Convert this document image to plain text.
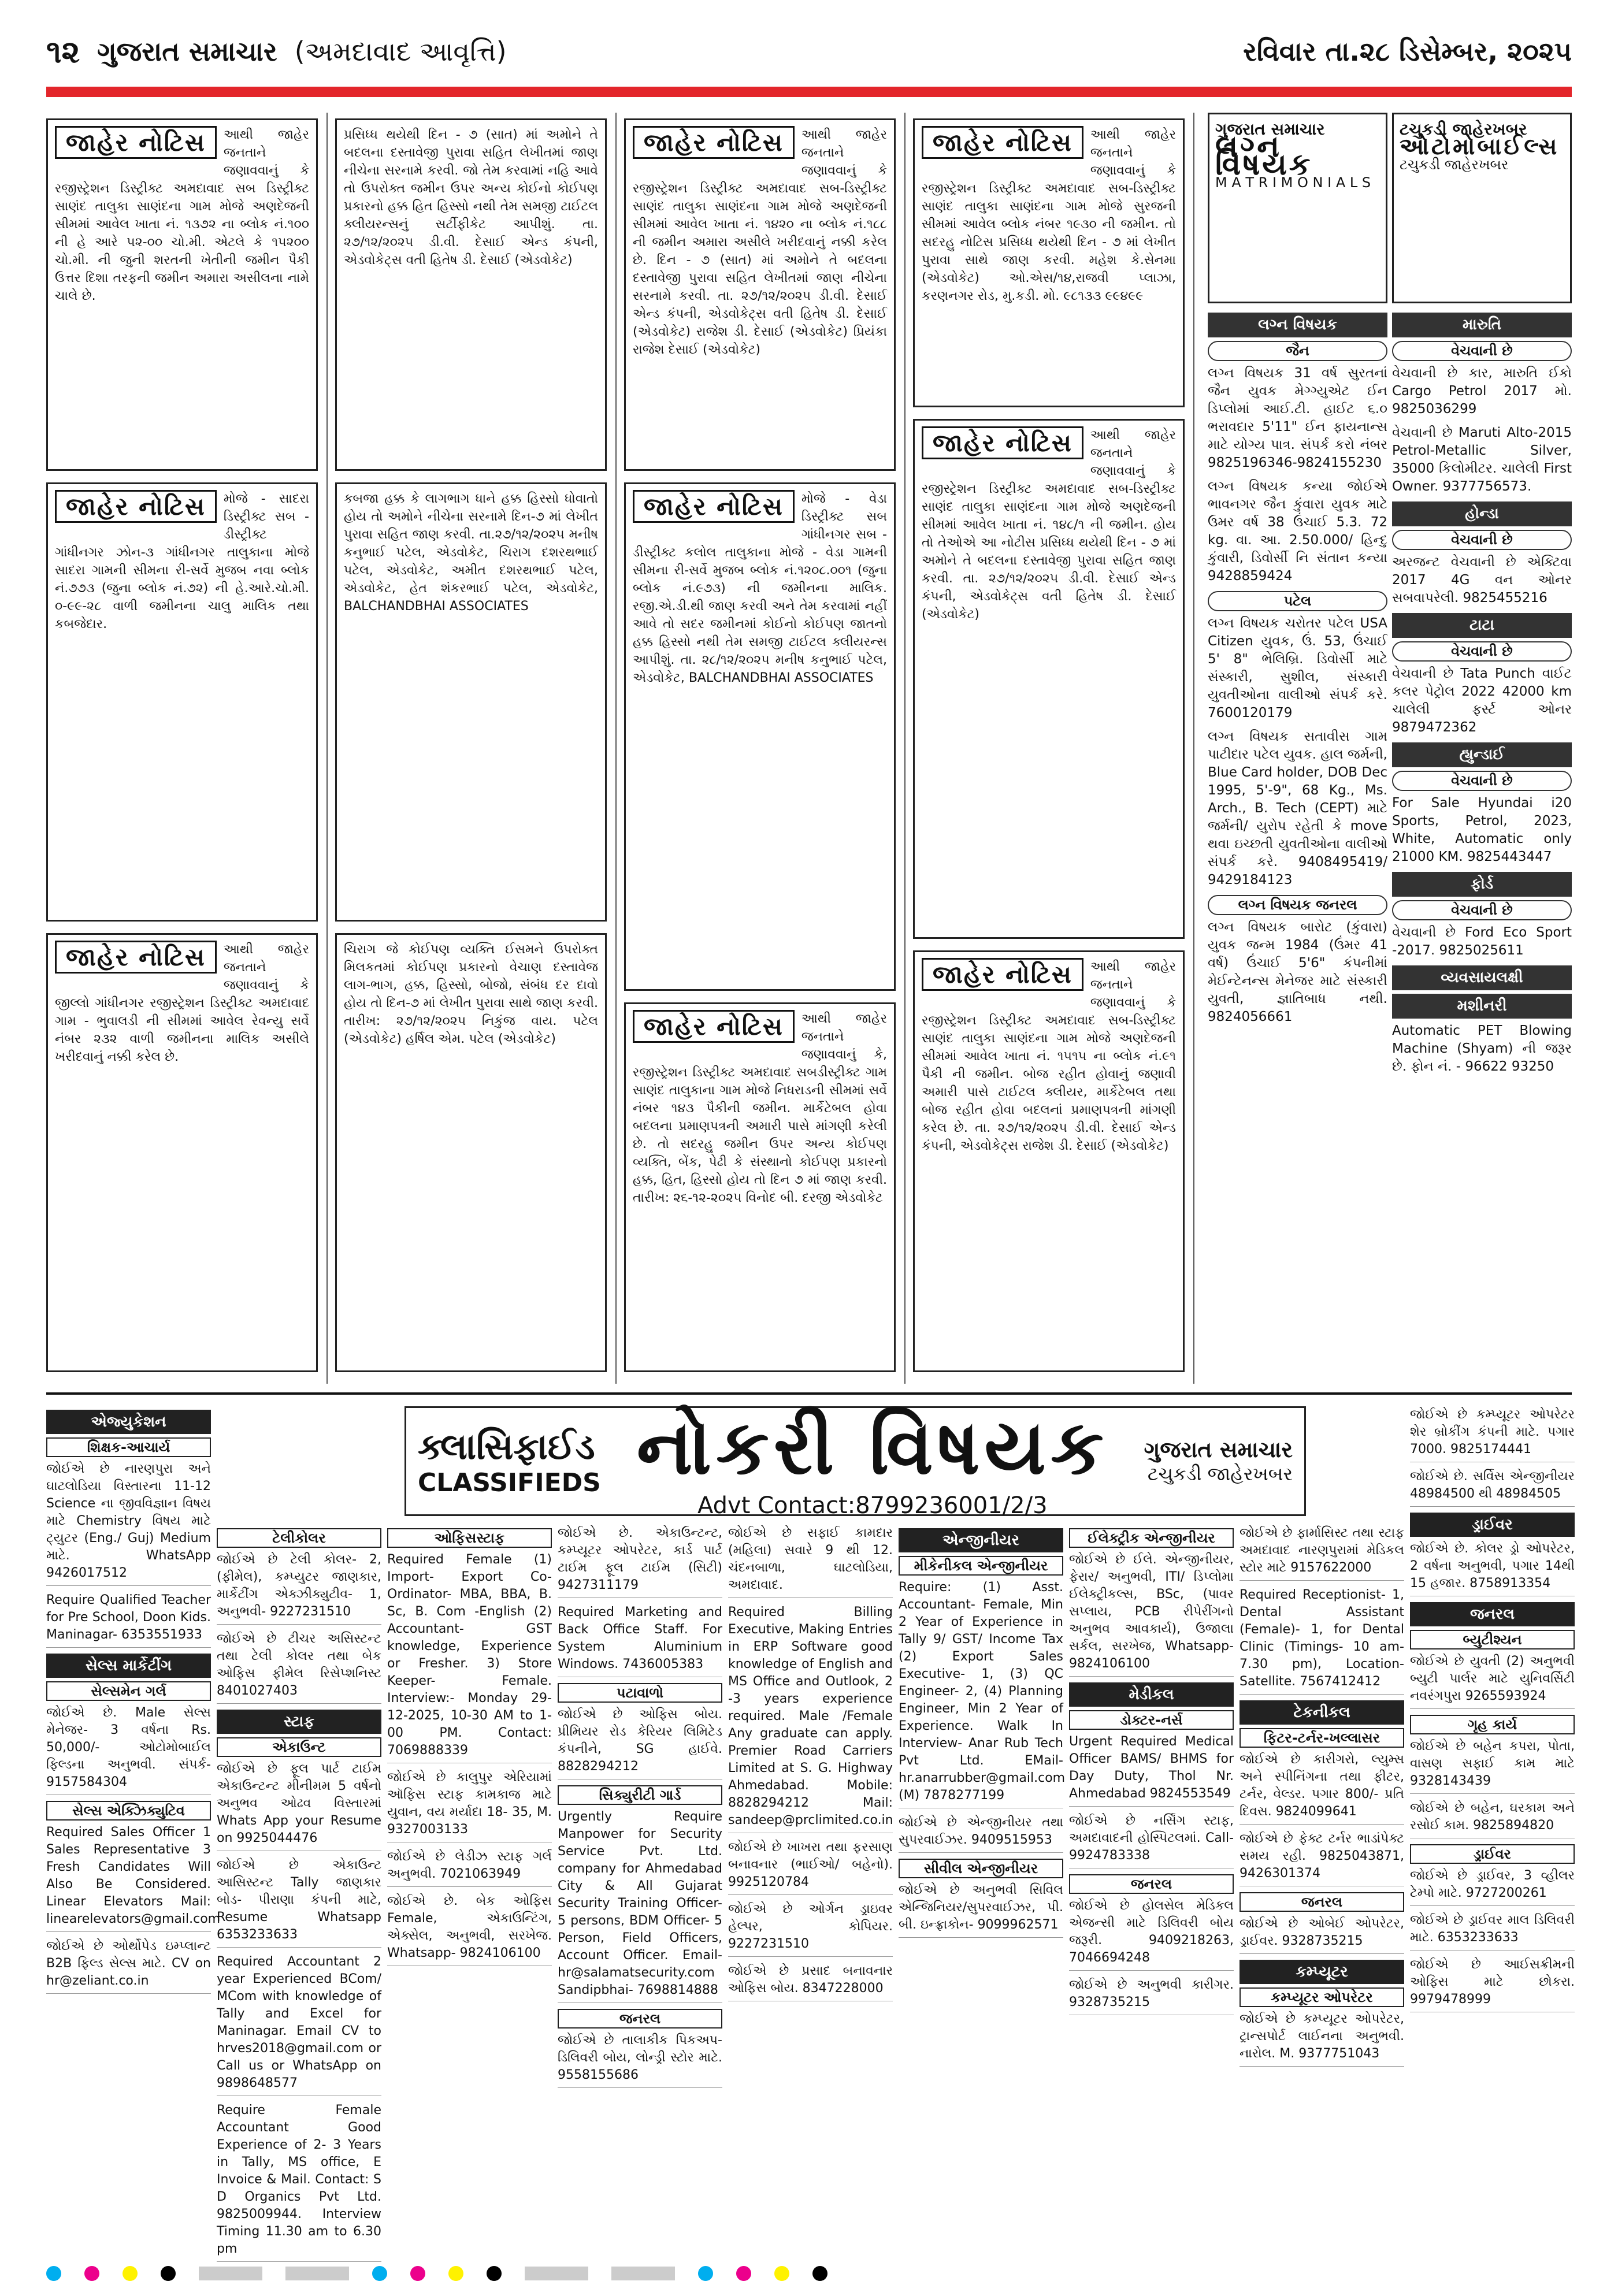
૧૨ ગુજરાત સમાચાર (અમદાવાદ આવૃત્તિ)	રવિવાર તા.૨૮ ડિસેમ્બર, ૨૦૨૫
જાહેર નોટિસ	આથી જાહેર જનતાને જણાવવાનું કે રજીસ્ટ્રેશન ડિસ્ટ્રીક્ટ અમદાવાદ સબ ડિસ્ટ્રીક્ટ સાણંદ તાલુકા સાણંદના ગામ મોજે અણદેજની સીમમાં આવેલ ખાતા નં. ૧૩૭૨ ના બ્લોક નં.૧૦૦ ની હે આરે ૫૨-૦૦ ચો.મી. એટલે કે ૧૫૨૦૦ ચો.મી. ની જુની શરતની ખેતીની જમીન પૈકી ઉત્તર દિશા તરફની જમીન અમારા અસીલના નામે ચાલે છે.
જાહેર નોટિસ	મોજે - સાદરા ડિસ્ટ્રીક્ટ સબ - ડીસ્ટ્રીક્ટ ગાંધીનગર ઝોન-૩ ગાંધીનગર તાલુકાના મોજે સાદરા ગામની સીમના રી-સર્વે મુજબ નવા બ્લોક નં.૭૭૩ (જુના બ્લોક નં.૭૨) ની હે.આરે.ચો.મી. ૦-૯૯-૨૮ વાળી જમીનના ચાલુ માલિક તથા કબજેદાર.
જાહેર નોટિસ	આથી જાહેર જનતાને જણાવવાનું કે જીલ્લો ગાંધીનગર રજીસ્ટ્રેશન ડિસ્ટ્રીક્ટ અમદાવાદ ગામ - ભુવાલડી ની સીમમાં આવેલ રેવન્યુ સર્વે નંબર ૨૩૨ વાળી જમીનના માલિક અસીલે ખરીદવાનું નક્કી કરેલ છે.
પ્રસિધ્ધ થયેથી દિન - ૭ (સાત) માં અમોને તે બદલના દસ્તાવેજી પુરાવા સહિત લેખીતમાં જાણ નીચેના સરનામે કરવી. જો તેમ કરવામાં નહિ આવે તો ઉપરોક્ત જમીન ઉપર અન્ય કોઈનો કોઈપણ પ્રકારનો હક્ક હિત હિસ્સો નથી તેમ સમજી ટાઈટલ ક્લીયરન્સનું સર્ટીફીકેટ આપીશું. તા. ૨૭/૧૨/૨૦૨૫ ડી.વી. દેસાઈ એન્ડ કંપની, એડવોકેટ્સ વતી હિતેષ ડી. દેસાઈ (એડવોકેટ)
કબજા હક્ક કે લાગભાગ ધાને હક્ક હિસ્સો ધોવાતો હોય તો અમોને નીચેના સરનામે દિન-૭ માં લેખીત પુરાવા સહિત જાણ કરવી. તા.૨૭/૧૨/૨૦૨૫ મનીષ કનુભાઈ પટેલ, એડવોકેટ, ચિરાગ દશરથભાઈ પટેલ, એડવોકેટ, અમીત દશરથભાઈ પટેલ, એડવોકેટ, હેત શંકરભાઈ પટેલ, એડવોકેટ, BALCHANDBHAI ASSOCIATES
ચિરાગ જે કોઈપણ વ્યક્તિ ઈસમને ઉપરોક્ત મિલકતમાં કોઈપણ પ્રકારનો વેચાણ દસ્તાવેજ લાગ-ભાગ, હક્ક, હિસ્સો, બોજો, સંબંધ દર દાવો હોય તો દિન-૭ માં લેખીત પુરાવા સાથે જાણ કરવી. તારીખ: ૨૭/૧૨/૨૦૨૫ નિકુંજ વાય. પટેલ (એડવોકેટ) હર્ષિલ એમ. પટેલ (એડવોકેટ)
જાહેર નોટિસ	આથી જાહેર જનતાને જણાવવાનું કે રજીસ્ટ્રેશન ડિસ્ટ્રીક્ટ અમદાવાદ સબ-ડિસ્ટ્રીક્ટ સાણંદ તાલુકા સાણંદના ગામ મોજે અણદેજની સીમમાં આવેલ ખાતા નં. ૧૪૨૦ ના બ્લોક નં.૧૮૮ ની જમીન અમારા અસીલે ખરીદવાનું નક્કી કરેલ છે. દિન - ૭ (સાત) માં અમોને તે બદલના દસ્તાવેજી પુરાવા સહિત લેખીતમાં જાણ નીચેના સરનામે કરવી. તા. ૨૭/૧૨/૨૦૨૫ ડી.વી. દેસાઈ એન્ડ કંપની, એડવોકેટ્સ વતી હિતેષ ડી. દેસાઈ (એડવોકેટ) રાજેશ ડી. દેસાઈ (એડવોકેટ) પ્રિયંકા રાજેશ દેસાઈ (એડવોકેટ)
જાહેર નોટિસ	મોજે - વેડા ડિસ્ટ્રીક્ટ સબ ગાંધીનગર સબ - ડીસ્ટ્રીક્ટ કલોલ તાલુકાના મોજે - વેડા ગામની સીમના રી-સર્વે મુજબ બ્લોક નં.૧૨૦૮.૦૦૧ (જુના બ્લોક નં.૯૭૩) ની જમીનના માલિક. રજી.એ.ડી.થી જાણ કરવી અને તેમ કરવામાં નહીં આવે તો સદર જમીનમાં કોઈનો કોઈપણ જાતનો હક્ક હિસ્સો નથી તેમ સમજી ટાઈટલ ક્લીયરન્સ આપીશું. તા. ૨૮/૧૨/૨૦૨૫ મનીષ કનુભાઈ પટેલ, એડવોકેટ, BALCHANDBHAI ASSOCIATES
જાહેર નોટિસ	આથી જાહેર જનતાને જણાવવાનું કે, રજીસ્ટ્રેશન ડિસ્ટ્રીક્ટ અમદાવાદ સબડીસ્ટ્રીક્ટ ગામ સાણંદ તાલુકાના ગામ મોજે નિધરાડની સીમમાં સર્વે નંબર ૧૪૩ પૈકીની જમીન. માર્કેટેબલ હોવા બદલના પ્રમાણપત્રની અમારી પાસે માંગણી કરેલી છે. તો સદરહુ જમીન ઉપર અન્ય કોઈપણ વ્યક્તિ, બેંક, પેઢી કે સંસ્થાનો કોઈપણ પ્રકારનો હક્ક, હિત, હિસ્સો હોય તો દિન ૭ માં જાણ કરવી. તારીખ: ૨૬-૧૨-૨૦૨૫ વિનોદ બી. દરજી એડવોકેટ
જાહેર નોટિસ	આથી જાહેર જનતાને જણાવવાનું કે રજીસ્ટ્રેશન ડિસ્ટ્રીક્ટ અમદાવાદ સબ-ડિસ્ટ્રીક્ટ સાણંદ તાલુકા સાણંદના ગામ મોજે સુરજની સીમમાં આવેલ બ્લોક નંબર ૧૯૩૦ ની જમીન. તો સદરહુ નોટિસ પ્રસિધ્ધ થયેથી દિન - ૭ માં લેખીત પુરાવા સાથે જાણ કરવી. મહેશ કે.સેનમા (એડવોકેટ) ઓ.એસ/૧૪,રાજવી પ્લાઝા, કરણનગર રોડ, મુ.કડી. મો. ૯૮૧૩૩ ૯૯૪૯૯
જાહેર નોટિસ	આથી જાહેર જનતાને જણાવવાનું કે રજીસ્ટ્રેશન ડિસ્ટ્રીક્ટ અમદાવાદ સબ-ડિસ્ટ્રીક્ટ સાણંદ તાલુકા સાણંદના ગામ મોજે અણદેજની સીમમાં આવેલ ખાતા નં. ૧૪૮/૧ ની જમીન. હોય તો તેઓએ આ નોટીસ પ્રસિધ્ધ થયેથી દિન - ૭ માં અમોને તે બદલના દસ્તાવેજી પુરાવા સહિત જાણ કરવી. તા. ૨૭/૧૨/૨૦૨૫ ડી.વી. દેસાઈ એન્ડ કંપની, એડવોકેટ્સ વતી હિતેષ ડી. દેસાઈ (એડવોકેટ)
જાહેર નોટિસ	આથી જાહેર જનતાને જણાવવાનું કે રજીસ્ટ્રેશન ડિસ્ટ્રીક્ટ અમદાવાદ સબ-ડિસ્ટ્રીક્ટ સાણંદ તાલુકા સાણંદના ગામ મોજે અણદેજની સીમમાં આવેલ ખાતા નં. ૧૫૧૫ ના બ્લોક નં.૯૧ પૈકી ની જમીન. બોજ રહીત હોવાનું જણાવી અમારી પાસે ટાઈટલ ક્લીયર, માર્કેટેબલ તથા બોજ રહીત હોવા બદલનાં પ્રમાણપત્રની માંગણી કરેલ છે. તા. ૨૭/૧૨/૨૦૨૫ ડી.વી. દેસાઈ એન્ડ કંપની, એડવોકેટ્સ રાજેશ ડી. દેસાઈ (એડવોકેટ)
ગુજરાત સમાચાર
લગ્ન વિષયક
M A T R I M O N I A L S
ટચુકડી જાહેરખબર
ઓટોમોબાઈલ્સ
ટચુકડી જાહેરખબર
લગ્ન વિષયક
જૈન
લગ્ન વિષયક 31 વર્ષ સુરતનાં જૈન યુવક મેગ્ગ્યુએટ ઈન ડિપ્લોમાં આઈ.ટી. હાઈટ ૬.૦ ભરાવદાર 5'11" ઈન ફાયનાન્સ માટે યોગ્ય પાત્ર. સંપર્ક કરો નંબર 9825196346-9824155230
લગ્ન વિષયક કન્યા જોઈએ ભાવનગર જૈન કુંવારા યુવક માટે ઉમર વર્ષ 38 ઉંચાઈ 5.3. 72 kg. વા. આ. 2.50.000/ હિન્દુ કુંવારી, ડિવોર્સી નિ સંતાન કન્યા 9428859424
પટેલ
લગ્ન વિષયક ચરોતર પટેલ USA Citizen યુવક, ઉં. 53, ઉંચાઈ 5' 8" ભેલિબ્રિ. ડિવોર્સી માટે સંસ્કારી, સુશીલ, સંસ્કારી યુવતીઓના વાલીઓ સંપર્ક કરે. 7600120179
લગ્ન વિષયક સતાવીસ ગામ પાટીદાર પટેલ યુવક. હાલ જર્મની, Blue Card holder, DOB Dec 1995, 5'-9", 68 Kg., Ms. Arch., B. Tech (CEPT) માટે જર્મની/ યુરોપ રહેતી કે move થવા ઇચ્છતી યુવતીઓના વાલીઓ સંપર્ક કરે. 9408495419/ 9429184123
લગ્ન વિષયક જનરલ
લગ્ન વિષયક બારોટ (કુંવારા) યુવક જન્મ 1984 (ઉંમર 41 વર્ષ) ઉંચાઈ 5'6" કંપનીમાં મેઈન્ટેનન્સ મેનેજર માટે સંસ્કારી યુવતી, જ્ઞાતિબાધ નથી. 9824056661
મારુતિ
વેચવાની છે
વેચવાની છે કાર, મારુતિ ઈકો Cargo Petrol 2017 મો. 9825036299
વેચવાની છે Maruti Alto-2015 Petrol-Metallic Silver, 35000 કિલોમીટર. ચાલેલી First Owner. 9377756573.
હોન્ડા
વેચવાની છે
અરજન્ટ વેચવાની છે એક્ટિવા 2017 4G વન ઓનર સબવાપરેલી. 9825455216
ટાટા
વેચવાની છે
વેચવાની છે Tata Punch વાઈટ કલર પેટ્રોલ 2022 42000 km ચાલેલી ફર્સ્ટ ઓનર 9879472362
હ્યુન્ડાઈ
વેચવાની છે
For Sale Hyundai i20 Sports, Petrol, 2023, White, Automatic only 21000 KM. 9825443447
ફોર્ડ
વેચવાની છે
વેચવાની છે Ford Eco Sport -2017. 9825025611
વ્યવસાયલક્ષી
મશીનરી
Automatic PET Blowing Machine (Shyam) ની જરૂર છે. ફોન નં. - 96622 93250
ક્લાસિફાઈડ
CLASSIFIEDS નોકરી વિષયક
Advt Contact:8799236001/2/3
ગુજરાત સમાચાર
ટચુકડી જાહેરખબર
એજ્યુકેશન
શિક્ષક-આચાર્ય
જોઈએ છે નારણપુરા અને ઘાટલોડિયા વિસ્તારના 11-12 Science ના જીવવિજ્ઞાન વિષય માટે Chemistry વિષય માટે ટ્યુટર (Eng./ Guj) Medium માટે. WhatsApp 9426017512
Require Qualified Teacher for Pre School, Doon Kids. Maninagar- 6353551933
સેલ્સ માર્કેટીંગ
સેલ્સમેન ગર્લ
જોઈએ છે. Male સેલ્સ મેનેજર- 3 વર્ષના Rs. 50,000/- ઓટોમોબાઈલ ફિલ્ડના અનુભવી. સંપર્ક- 9157584304
સેલ્સ એક્ઝિક્યુટિવ
Required Sales Officer 1 Sales Representative 3 Fresh Candidates Will Also Be Considered. Linear Elevators Mail: linearelevators@gmail.com
જોઈએ છે ઓર્થોપેડ ઇમ્પ્લાન્ટ B2B ફિલ્ડ સેલ્સ માટે. CV on hr@zeliant.co.in
ટેલીકોલર
જોઈએ છે ટેલી કોલર- 2, (ફીમેલ), કમ્પ્યુટર જાણકાર, માર્કેટીંગ એક્ઝીક્યુટીવ- 1, અનુભવી- 9227231510
જોઈએ છે ટીચર અસિસ્ટન્ટ તથા ટેલી કોલર તથા બેક ઓફિસ ફીમેલ રિસેપ્શનિસ્ટ 8401027403
સ્ટાફ
એકાઉન્ટ
જોઈએ છે ફૂલ પાર્ટ ટાઈમ એકાઉન્ટન્ટ મીનીમમ 5 વર્ષનો અનુભવ ઓઢવ વિસ્તારમાં Whats App your Resume on 9925044476
જોઈએ છે એકાઉન્ટ આસિસ્ટન્ટ Tally જાણકાર બોડ- પીરાણા કંપની માટે, Resume Whatsapp 6353233633
Required Accountant 2 year Experienced BCom/ MCom with knowledge of Tally and Excel for Maninagar. Email CV to hrves2018@gmail.com or Call us or WhatsApp on 9898648577
Require Female Accountant Good Experience of 2- 3 Years in Tally, MS office, E Invoice & Mail. Contact: S D Organics Pvt Ltd. 9825009944. Interview Timing 11.30 am to 6.30 pm
ઓફિસસ્ટાફ
Required Female (1) Import- Export Co-Ordinator- MBA, BBA, B. Sc, B. Com -English (2) Accountant- GST knowledge, Experience or Fresher. 3) Store Keeper- Female. Interview:- Monday 29-12-2025, 10-30 AM to 1-00 PM. Contact: 7069888339
જોઈએ છે કાલુપુર એરિયામાં ઑફિસ સ્ટાફ કામકાજ માટે યુવાન, વય મર્યાદા 18- 35, M. 9327003133
જોઈએ છે લેડીઝ સ્ટાફ ગર્લ અનુભવી. 7021063949
જોઈએ છે. બેક ઓફિસ Female, એકાઉન્ટિંગ, એક્સેલ, અનુભવી, સરખેજ. Whatsapp- 9824106100
જોઈએ છે. એકાઉન્ટન્ટ, કમ્પ્યૂટર ઓપરેટર, કાર્ડ પાર્ટ ટાઈમ ફૂલ ટાઈમ (સિટી) 9427311179
Required Marketing and Back Office Staff. For System Aluminium Windows. 7436005383
પટાવાળો
જોઈએ છે ઓફિસ બોય. પ્રીમિયર રોડ કેરિયર લિમિટેડ કંપનીને, SG હાઈવે. 8828294212
સિક્યુરીટી ગાર્ડ
Urgently Require Manpower for Security Service Pvt. Ltd. company for Ahmedabad City & All Gujarat Security Training Officer- 5 persons, BDM Officer- 5 Person, Field Officers, Account Officer. Email- hr@salamatsecurity.com Sandipbhai- 7698814888
જનરલ
જોઈએ છે તાલાકીક પિકઅપ- ડિલિવરી બોય, લોન્ડ્રી સ્ટોર માટે. 9558155686
જોઈએ છે સફાઈ કામદાર (મહિલા) સવારે 9 થી 12. ચંદનબાળા, ઘાટલોડિયા, અમદાવાદ.
Required Billing Executive, Making Entries in ERP Software good knowledge of English and MS Office and Outlook, 2 -3 years experience required. Male /Female Any graduate can apply. Premier Road Carriers Limited at S. G. Highway Ahmedabad. Mobile: 8828294212 Mail: sandeep@prclimited.co.in
જોઈએ છે ખાખરા તથા ફરસાણ બનાવનાર (ભાઈઓ/ બહેનો). 9925120784
જોઈએ છે ઓર્ગન ડ્રાઇવર હેલ્પર, કોપિયર. 9227231510
જોઈએ છે પ્રસાદ બનાવનાર ઓફિસ બોય. 8347228000
એન્જીનીયર
મીકેનીકલ એન્જીનીયર
Require: (1) Asst. Accountant- Female, Min 2 Year of Experience in Tally 9/ GST/ Income Tax (2) Export Sales Executive- 1, (3) QC Engineer- 2, (4) Planning Engineer, Min 2 Year of Experience. Walk In Interview- Anar Rub Tech Pvt Ltd. EMail- hr.anarrubber@gmail.com (M) 7878277199
જોઈએ છે એન્જીનીયર તથા સુપરવાઈઝર. 9409515953
સીવીલ એન્જીનીયર
જોઈએ છે અનુભવી સિવિલ એન્જિનિયર/સુપરવાઈઝર, પી. બી. ઇન્ફ્રાકોન- 9099962571
ઈલેક્ટ્રીક એન્જીનીયર
જોઈએ છે ઈલે. એન્જીનીયર, ફેરાર/ અનુભવી, ITI/ ડિપ્લોમા ઈલેક્ટ્રીકલ્સ, BSc, (પાવર સપ્લાય, PCB રીપેરીંગનો અનુભવ આવકાર્ય), ઉજાલા સર્કલ, સરખેજ, Whatsapp- 9824106100
મેડીકલ
ડોક્ટર-નર્સ
Urgent Required Medical Officer BAMS/ BHMS for Day Duty, Thol Nr. Ahmedabad 9824553549
જોઈએ છે નર્સિંગ સ્ટાફ, અમદાવાદની હોસ્પિટલમાં. Call- 9924783338
જનરલ
જોઈએ છે હોલસેલ મેડિકલ એજન્સી માટે ડિલિવરી બોય જરૂરી. 9409218263, 7046694248
જોઈએ છે અનુભવી કારીગર. 9328735215
જોઈએ છે ફાર્માસિસ્ટ તથા સ્ટાફ અમદાવાદ નારણપુરામાં મેડિકલ સ્ટોર માટે 9157622000
Required Receptionist- 1, Dental Assistant (Female)- 1, for Dental Clinic (Timings- 10 am- 7.30 pm), Location- Satellite. 7567412412
ટેકનીકલ
ફિટર-ટર્નર-ખલ્લાસર
જોઈએ છે કારીગરો, લ્યુમ્સ અને સ્પીનિંગના તથા ફીટર, ટર્નર, વેલ્ડર. પગાર 800/- પ્રતિ દિવસ. 9824099641
જોઈએ છે ફેક્ટ ટર્નર ભાડાંપેક્ટ સમય રહી. 9825043871, 9426301374
જનરલ
જોઈએ છે ઓબેઈ ઓપરેટર, ડ્રાઈવર. 9328735215
કમ્પ્યૂટર
કમ્પ્યૂટર ઓપરેટર
જોઈએ છે કમ્પ્યૂટર ઓપરેટર, ટ્રાન્સપોર્ટ લાઈનના અનુભવી. નારોલ. M. 9377751043
જોઈએ છે કમ્પ્યૂટર ઓપરેટર શેર બ્રોકીંગ કંપની માટે. પગાર 7000. 9825174441
જોઈએ છે. સર્વિસ એન્જીનીયર 48984500 થી 48984505
ડ્રાઈવર
જોઈએ છે. કોલર ડ્રો ઓપરેટર, 2 વર્ષના અનુભવી, પગાર 14થી 15 હજાર. 8758913354
જનરલ
બ્યુટીશ્યન
જોઈએ છે યુવતી (2) અનુભવી બ્યુટી પાર્લર માટે યુનિવર્સિટી નવરંગપુરા 9265593924
ગૃહ કાર્ય
જોઈએ છે બહેન કપરા, પોતા, વાસણ સફાઈ કામ માટે 9328143439
જોઈએ છે બહેન, ઘરકામ અને રસોઈ કામ. 9825894820
ડ્રાઈવર
જોઈએ છે ડ્રાઈવર, 3 વ્હીલર ટેમ્પો માટે. 9727200261
જોઈએ છે ડ્રાઈવર માલ ડિલિવરી માટે. 6353233633
જોઈએ છે આઈસક્રીમની ઓફિસ માટે છોકરા. 9979478999
